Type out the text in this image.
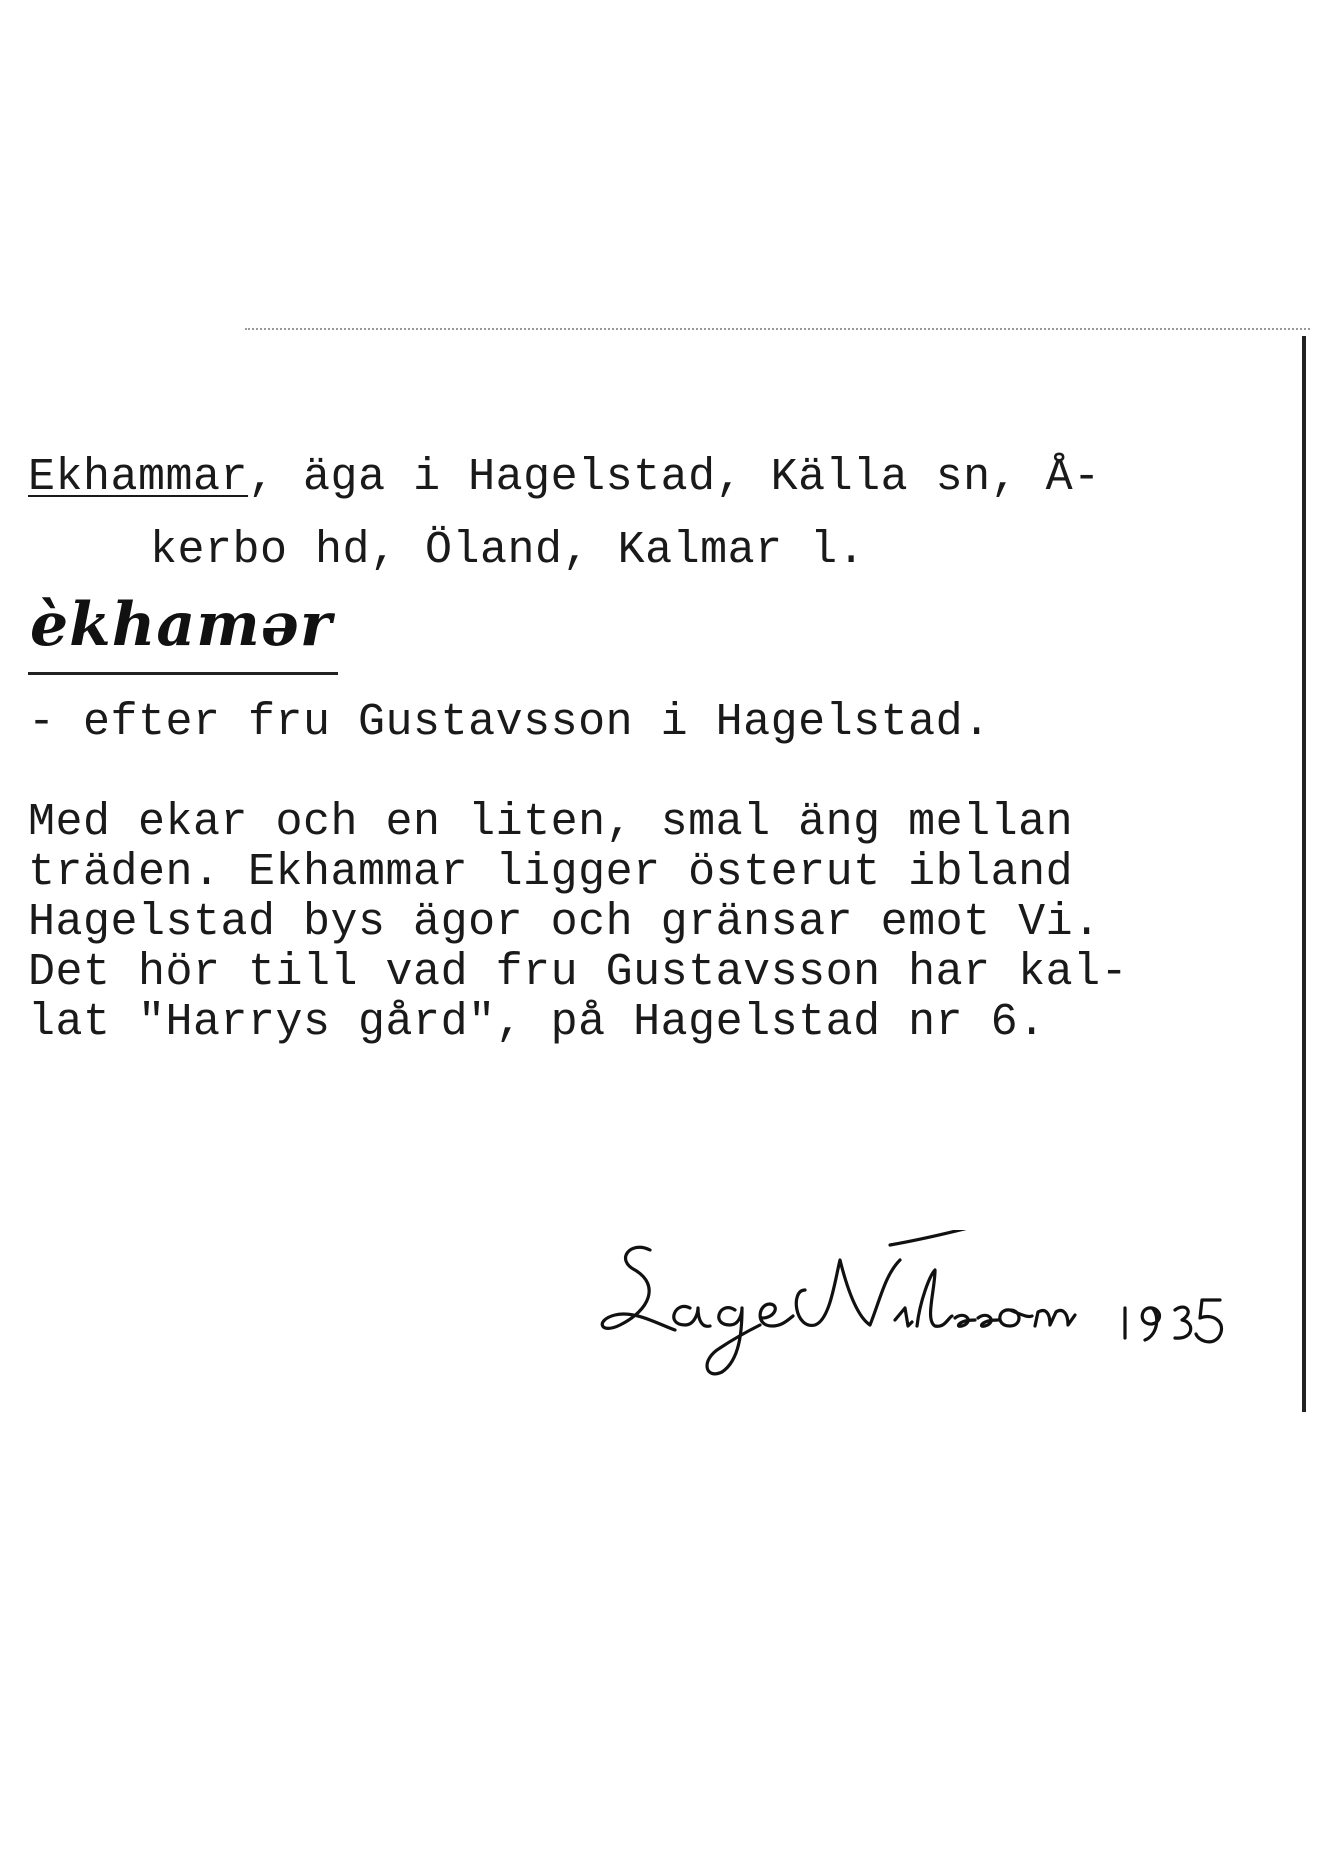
Ekhammar, äga i Hagelstad, Källa sn, Å-
kerbo hd, Öland, Kalmar l.
èkhamər
- efter fru Gustavsson i Hagelstad.
Med ekar och en liten, smal äng mellan
träden. Ekhammar ligger österut ibland
Hagelstad bys ägor och gränsar emot Vi.
Det hör till vad fru Gustavsson har kal-
lat "Harrys gård", på Hagelstad nr 6.
